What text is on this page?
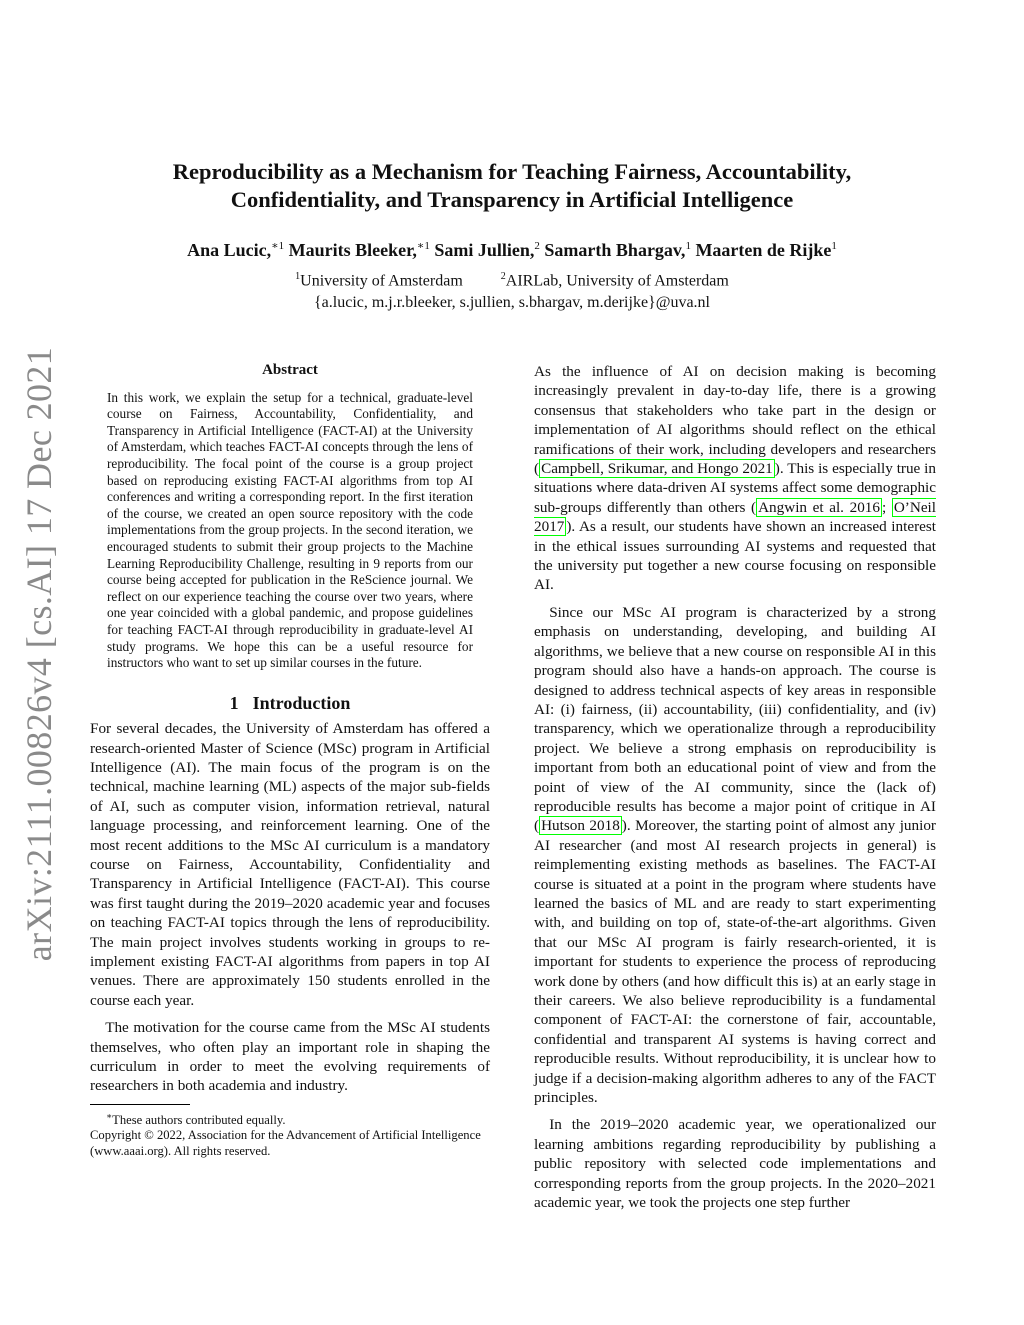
arXiv:2111.00826v4 [cs.AI] 17 Dec 2021
Reproducibility as a Mechanism for Teaching Fairness, Accountability,
Confidentiality, and Transparency in Artificial Intelligence
Ana Lucic,$^{∗1}$ Maurits Bleeker,$^{∗1}$ Sami Jullien,$^2$ Samarth Bhargav,$^1$ Maarten de Rijke$^1$
$^1$University of Amsterdam	$^2$AIRLab, University of Amsterdam
{a.lucic, m.j.r.bleeker, s.jullien, s.bhargav, m.derijke}@uva.nl
Abstract
In this work, we explain the setup for a technical, graduate-level course on Fairness, Accountability, Confidentiality, and Transparency in Artificial Intelligence (FACT-AI) at the University of Amsterdam, which teaches FACT-AI concepts through the lens of reproducibility. The focal point of the course is a group project based on reproducing existing FACT-AI algorithms from top AI conferences and writing a corresponding report. In the first iteration of the course, we created an open source repository with the code implementations from the group projects. In the second iteration, we encouraged students to submit their group projects to the Machine Learning Reproducibility Challenge, resulting in 9 reports from our course being accepted for publication in the ReScience journal. We reflect on our experience teaching the course over two years, where one year coincided with a global pandemic, and propose guidelines for teaching FACT-AI through reproducibility in graduate-level AI study programs. We hope this can be a useful resource for instructors who want to set up similar courses in the future.
1 Introduction

For several decades, the University of Amsterdam has offered a research-oriented Master of Science (MSc) program in Artificial Intelligence (AI). The main focus of the program is on the technical, machine learning (ML) aspects of the major sub-fields of AI, such as computer vision, information retrieval, natural language processing, and reinforcement learning. One of the most recent additions to the MSc AI curriculum is a mandatory course on Fairness, Accountability, Confidentiality and Transparency in Artificial Intelligence (FACT-AI). This course was first taught during the 2019–2020 academic year and focuses on teaching FACT-AI topics through the lens of reproducibility. The main project involves students working in groups to re-implement existing FACT-AI algorithms from papers in top AI venues. There are approximately 150 students enrolled in the course each year.

The motivation for the course came from the MSc AI students themselves, who often play an important role in shaping the curriculum in order to meet the evolving requirements of researchers in both academia and industry.

∗These authors contributed equally.
Copyright © 2022, Association for the Advancement of Artificial Intelligence (www.aaai.org). All rights reserved.

As the influence of AI on decision making is becoming increasingly prevalent in day-to-day life, there is a growing consensus that stakeholders who take part in the design or implementation of AI algorithms should reflect on the ethical ramifications of their work, including developers and researchers ( Campbell, Srikumar, and Hongo 2021 ). This is especially true in situations where data-driven AI systems affect some demographic sub-groups differently than others ( Angwin et al. 2016 ; O’Neil 2017 ). As a result, our students have shown an increased interest in the ethical issues surrounding AI systems and requested that the university put together a new course focusing on responsible AI.

Since our MSc AI program is characterized by a strong emphasis on understanding, developing, and building AI algorithms, we believe that a new course on responsible AI in this program should also have a hands-on approach. The course is designed to address technical aspects of key areas in responsible AI: (i) fairness, (ii) accountability, (iii) confidentiality, and (iv) transparency, which we operationalize through a reproducibility project. We believe a strong emphasis on reproducibility is important from both an educational point of view and from the point of view of the AI community, since the (lack of) reproducible results has become a major point of critique in AI ( Hutson 2018 ). Moreover, the starting point of almost any junior AI researcher (and most AI research projects in general) is reimplementing existing methods as baselines. The FACT-AI course is situated at a point in the program where students have learned the basics of ML and are ready to start experimenting with, and building on top of, state-of-the-art algorithms. Given that our MSc AI program is fairly research-oriented, it is important for students to experience the process of reproducing work done by others (and how difficult this is) at an early stage in their careers. We also believe reproducibility is a fundamental component of FACT-AI: the cornerstone of fair, accountable, confidential and transparent AI systems is having correct and reproducible results. Without reproducibility, it is unclear how to judge if a decision-making algorithm adheres to any of the FACT principles.

In the 2019–2020 academic year, we operationalized our learning ambitions regarding reproducibility by publishing a public repository with selected code implementations and corresponding reports from the group projects. In the 2020–2021 academic year, we took the projects one step further
